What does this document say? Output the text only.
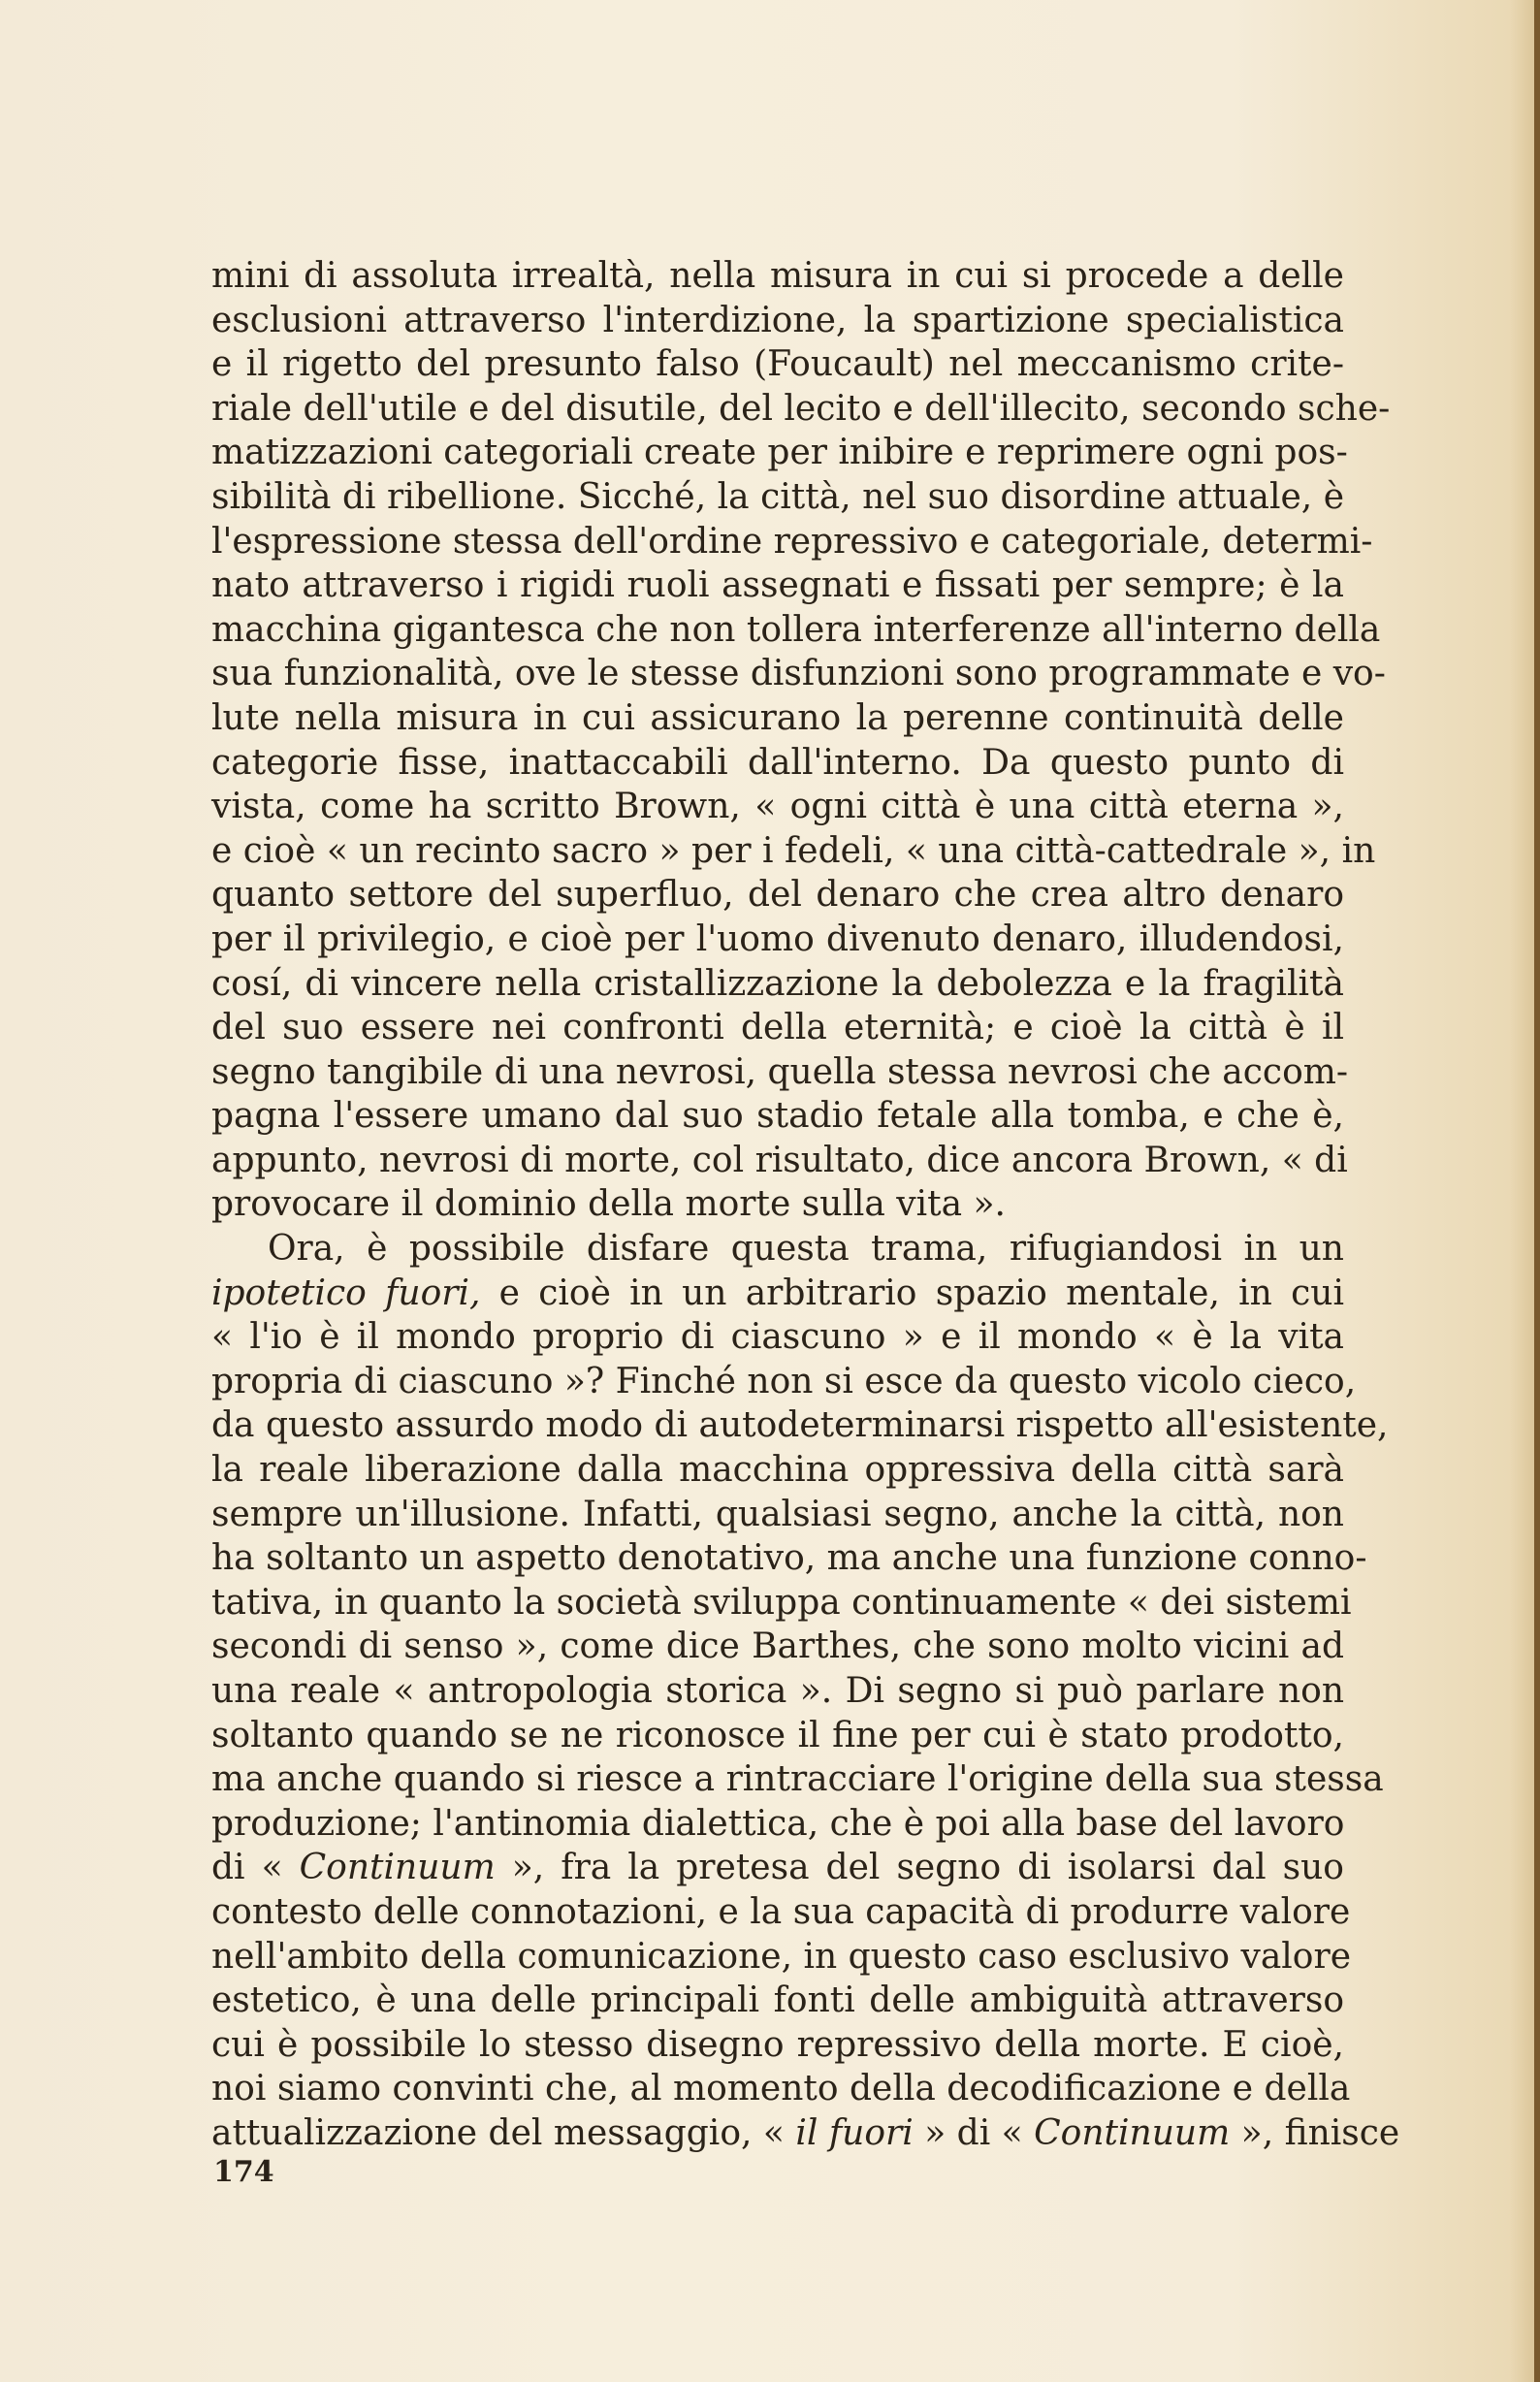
mini di assoluta irrealtà, nella misura in cui si procede a delle
esclusioni attraverso l'interdizione, la spartizione specialistica
e il rigetto del presunto falso (Foucault) nel meccanismo crite-
riale dell'utile e del disutile, del lecito e dell'illecito, secondo sche-
matizzazioni categoriali create per inibire e reprimere ogni pos-
sibilità di ribellione. Sicché, la città, nel suo disordine attuale, è
l'espressione stessa dell'ordine repressivo e categoriale, determi-
nato attraverso i rigidi ruoli assegnati e fissati per sempre; è la
macchina gigantesca che non tollera interferenze all'interno della
sua funzionalità, ove le stesse disfunzioni sono programmate e vo-
lute nella misura in cui assicurano la perenne continuità delle
categorie fisse, inattaccabili dall'interno. Da questo punto di
vista, come ha scritto Brown, « ogni città è una città eterna »,
e cioè « un recinto sacro » per i fedeli, « una città-cattedrale », in
quanto settore del superfluo, del denaro che crea altro denaro
per il privilegio, e cioè per l'uomo divenuto denaro, illudendosi,
cosí, di vincere nella cristallizzazione la debolezza e la fragilità
del suo essere nei confronti della eternità; e cioè la città è il
segno tangibile di una nevrosi, quella stessa nevrosi che accom-
pagna l'essere umano dal suo stadio fetale alla tomba, e che è,
appunto, nevrosi di morte, col risultato, dice ancora Brown, « di
provocare il dominio della morte sulla vita ».
Ora, è possibile disfare questa trama, rifugiandosi in un
ipotetico fuori, e cioè in un arbitrario spazio mentale, in cui
« l'io è il mondo proprio di ciascuno » e il mondo « è la vita
propria di ciascuno »? Finché non si esce da questo vicolo cieco,
da questo assurdo modo di autodeterminarsi rispetto all'esistente,
la reale liberazione dalla macchina oppressiva della città sarà
sempre un'illusione. Infatti, qualsiasi segno, anche la città, non
ha soltanto un aspetto denotativo, ma anche una funzione conno-
tativa, in quanto la società sviluppa continuamente « dei sistemi
secondi di senso », come dice Barthes, che sono molto vicini ad
una reale « antropologia storica ». Di segno si può parlare non
soltanto quando se ne riconosce il fine per cui è stato prodotto,
ma anche quando si riesce a rintracciare l'origine della sua stessa
produzione; l'antinomia dialettica, che è poi alla base del lavoro
di « Continuum », fra la pretesa del segno di isolarsi dal suo
contesto delle connotazioni, e la sua capacità di produrre valore
nell'ambito della comunicazione, in questo caso esclusivo valore
estetico, è una delle principali fonti delle ambiguità attraverso
cui è possibile lo stesso disegno repressivo della morte. E cioè,
noi siamo convinti che, al momento della decodificazione e della
attualizzazione del messaggio, « il fuori » di « Continuum », finisce
174
